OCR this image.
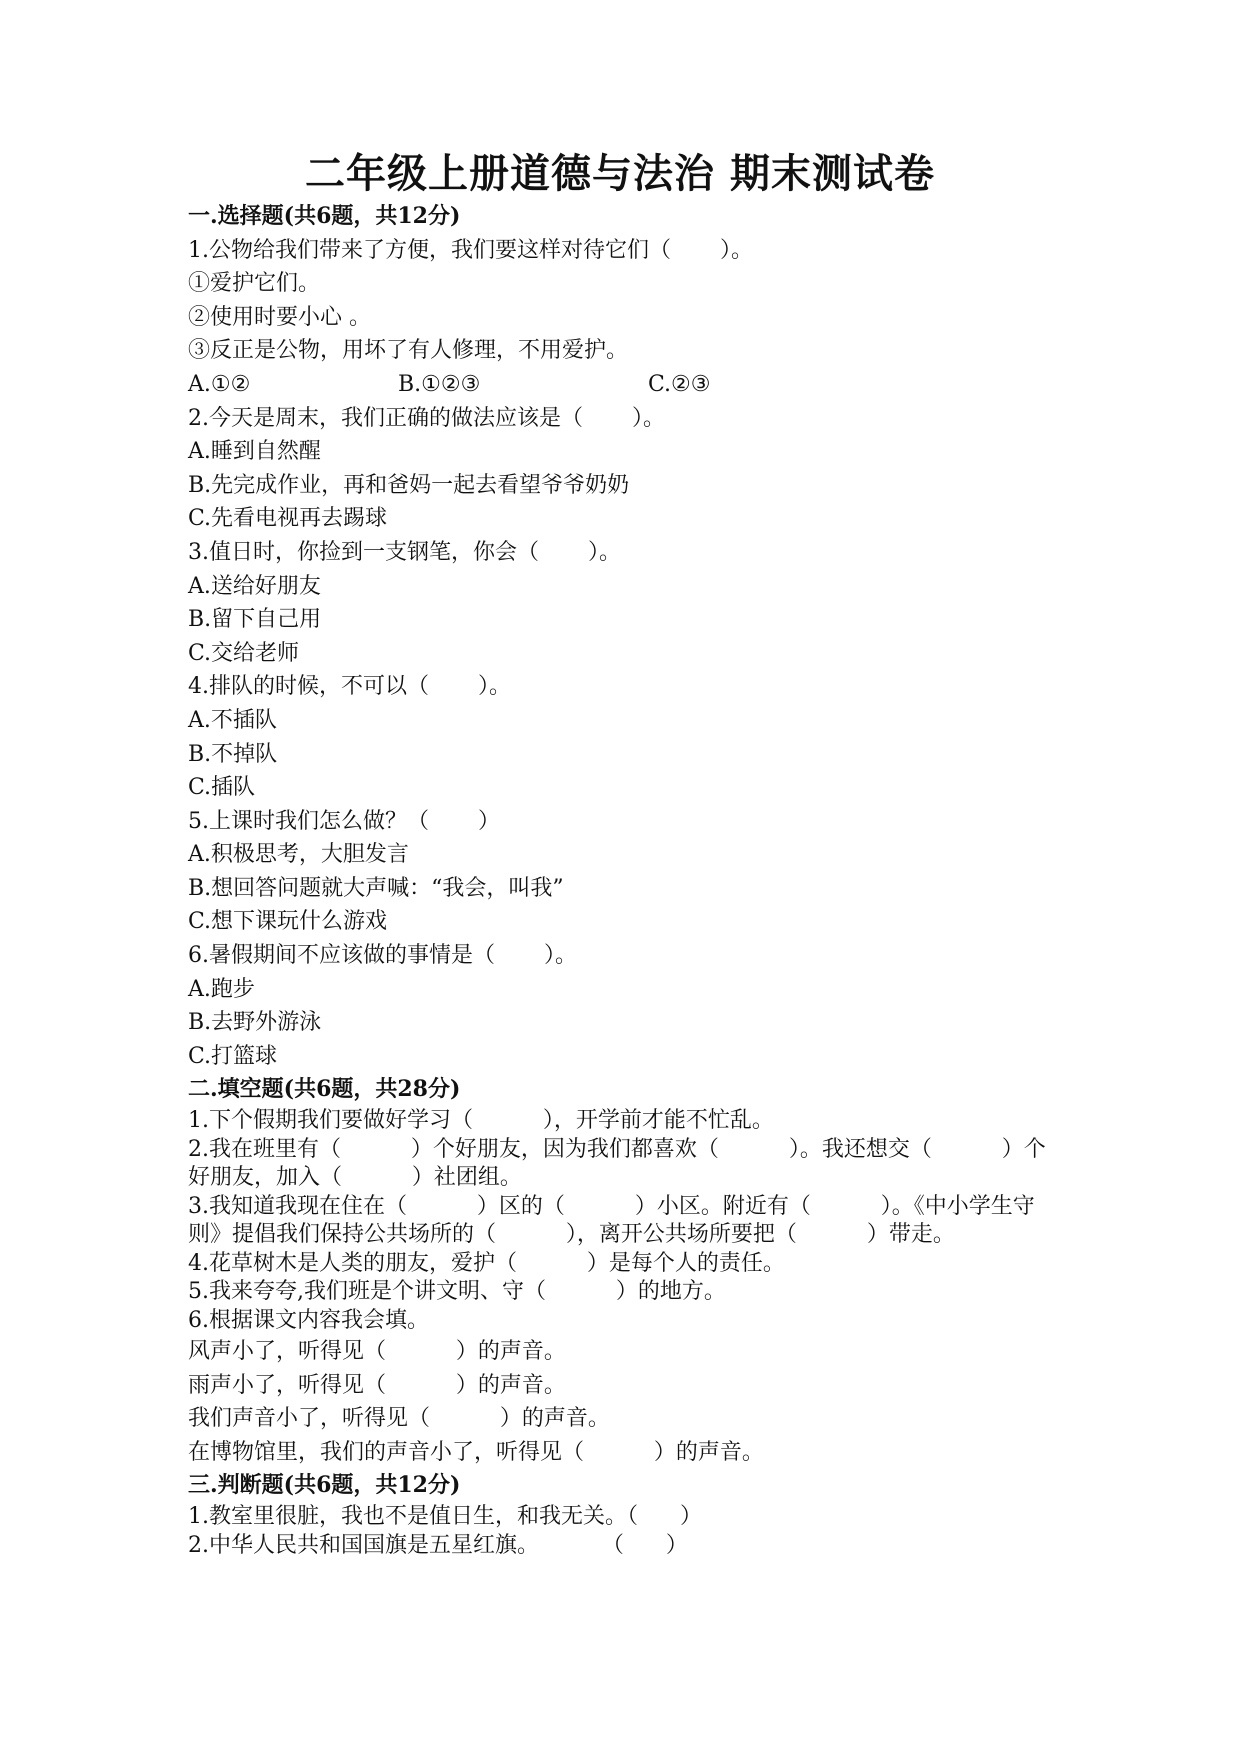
二年级上册道德与法治 期末测试卷
一.选择题(共6题，共12分)
1.公物给我们带来了方便，我们要这样对待它们（       ）。
①爱护它们。
②使用时要小心 。
③反正是公物，用坏了有人修理，不用爱护。
A.①②	B.①②③	C.②③
2.今天是周末，我们正确的做法应该是（       ）。
A.睡到自然醒
B.先完成作业，再和爸妈一起去看望爷爷奶奶
C.先看电视再去踢球
3.值日时，你捡到一支钢笔，你会（       ）。
A.送给好朋友
B.留下自己用
C.交给老师
4.排队的时候，不可以（       ）。
A.不插队
B.不掉队
C.插队
5.上课时我们怎么做？（       ）
A.积极思考，大胆发言
B.想回答问题就大声喊：“我会，叫我”
C.想下课玩什么游戏
6.暑假期间不应该做的事情是（       ）。
A.跑步
B.去野外游泳
C.打篮球
二.填空题(共6题，共28分)
1.下个假期我们要做好学习（          ），开学前才能不忙乱。
2.我在班里有（          ）个好朋友，因为我们都喜欢（          ）。我还想交（          ）个好朋友，加入（          ）社团组。
3.我知道我现在住在（          ）区的（          ）小区。附近有（          ）。《中小学生守则》提倡我们保持公共场所的（          ），离开公共场所要把（          ）带走。
4.花草树木是人类的朋友，爱护（          ）是每个人的责任。
5.我来夸夸,我们班是个讲文明、守（          ）的地方。
6.根据课文内容我会填。
风声小了，听得见（          ）的声音。
雨声小了，听得见（          ）的声音。
我们声音小了，听得见（          ）的声音。
在博物馆里，我们的声音小了，听得见（          ）的声音。
三.判断题(共6题，共12分)
1.教室里很脏，我也不是值日生，和我无关。（      ）
2.中华人民共和国国旗是五星红旗。         （      ）
